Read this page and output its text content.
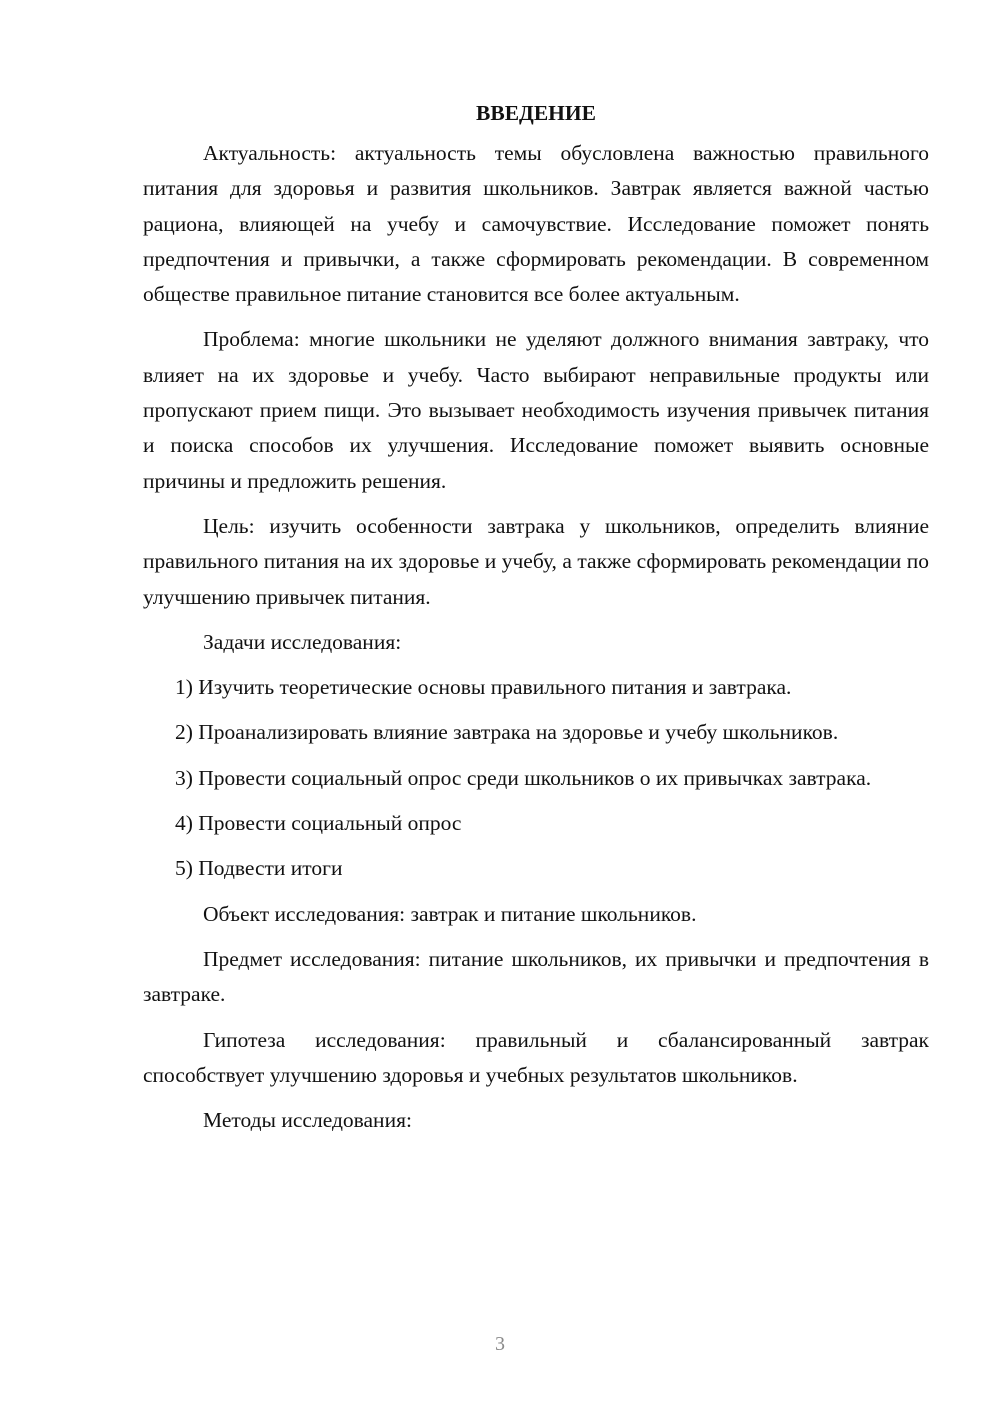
ВВЕДЕНИЕ

Актуальность: актуальность темы обусловлена важностью правильного питания для здоровья и развития школьников. Завтрак является важной частью рациона, влияющей на учебу и самочувствие. Исследование поможет понять предпочтения и привычки, а также сформировать рекомендации. В современном обществе правильное питание становится все более актуальным.

Проблема: многие школьники не уделяют должного внимания завтраку, что влияет на их здоровье и учебу. Часто выбирают неправильные продукты или пропускают прием пищи. Это вызывает необходимость изучения привычек питания и поиска способов их улучшения. Исследование поможет выявить основные причины и предложить решения.

Цель: изучить особенности завтрака у школьников, определить влияние правильного питания на их здоровье и учебу, а также сформировать рекомендации по улучшению привычек питания.

Задачи исследования:

1) Изучить теоретические основы правильного питания и завтрака.

2) Проанализировать влияние завтрака на здоровье и учебу школьников.

3) Провести социальный опрос среди школьников о их привычках завтрака.

4) Провести социальный опрос

5) Подвести итоги

Объект исследования: завтрак и питание школьников.

Предмет исследования: питание школьников, их привычки и предпочтения в завтраке.

Гипотеза исследования: правильный и сбалансированный завтрак способствует улучшению здоровья и учебных результатов школьников.

Методы исследования:

3
